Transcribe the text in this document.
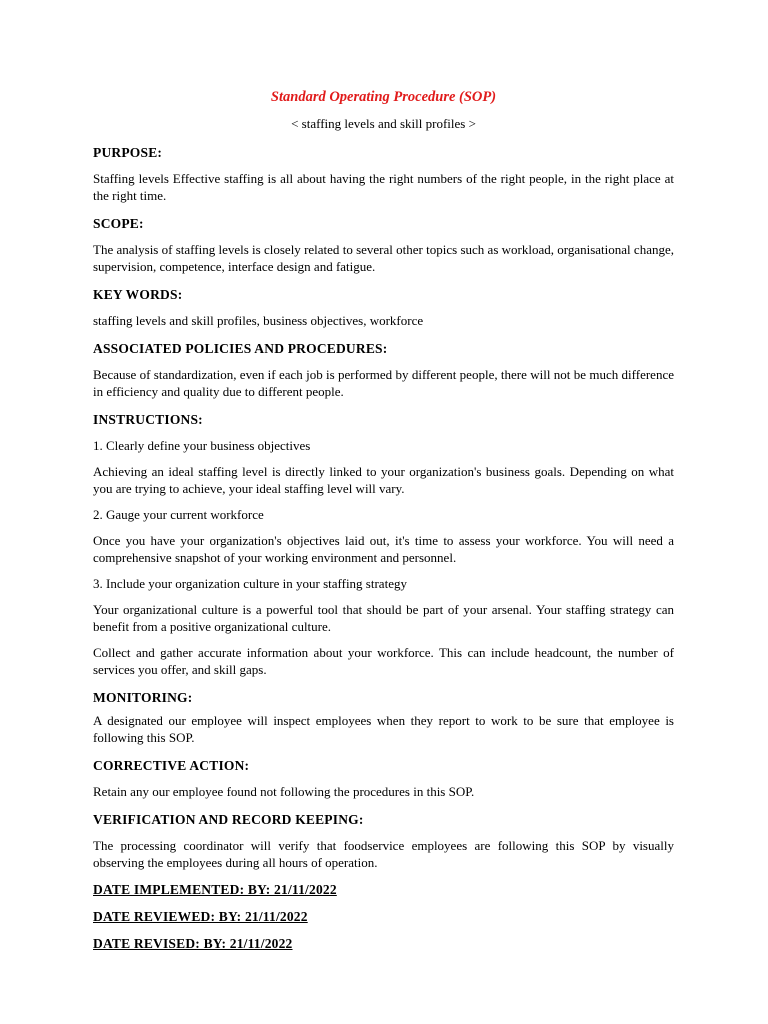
Standard Operating Procedure (SOP)

< staffing levels and skill profiles >

PURPOSE:

Staffing levels Effective staffing is all about having the right numbers of the right people, in the right place at the right time.

SCOPE:

The analysis of staffing levels is closely related to several other topics such as workload, organisational change, supervision, competence, interface design and fatigue.

KEY WORDS:

staffing levels and skill profiles, business objectives, workforce

ASSOCIATED POLICIES AND PROCEDURES:

Because of standardization, even if each job is performed by different people, there will not be much difference in efficiency and quality due to different people.

INSTRUCTIONS:

1. Clearly define your business objectives

Achieving an ideal staffing level is directly linked to your organization's business goals. Depending on what you are trying to achieve, your ideal staffing level will vary.

2. Gauge your current workforce

Once you have your organization's objectives laid out, it's time to assess your workforce. You will need a comprehensive snapshot of your working environment and personnel.

3. Include your organization culture in your staffing strategy

Your organizational culture is a powerful tool that should be part of your arsenal. Your staffing strategy can benefit from a positive organizational culture.

Collect and gather accurate information about your workforce. This can include headcount, the number of services you offer, and skill gaps.

MONITORING:

A designated our employee will inspect employees when they report to work to be sure that employee is following this SOP.

CORRECTIVE ACTION:

Retain any our employee found not following the procedures in this SOP.

VERIFICATION AND RECORD KEEPING:

The processing coordinator will verify that foodservice employees are following this SOP by visually observing the employees during all hours of operation.

DATE IMPLEMENTED: BY: 21/11/2022

DATE REVIEWED: BY: 21/11/2022

DATE REVISED: BY: 21/11/2022
